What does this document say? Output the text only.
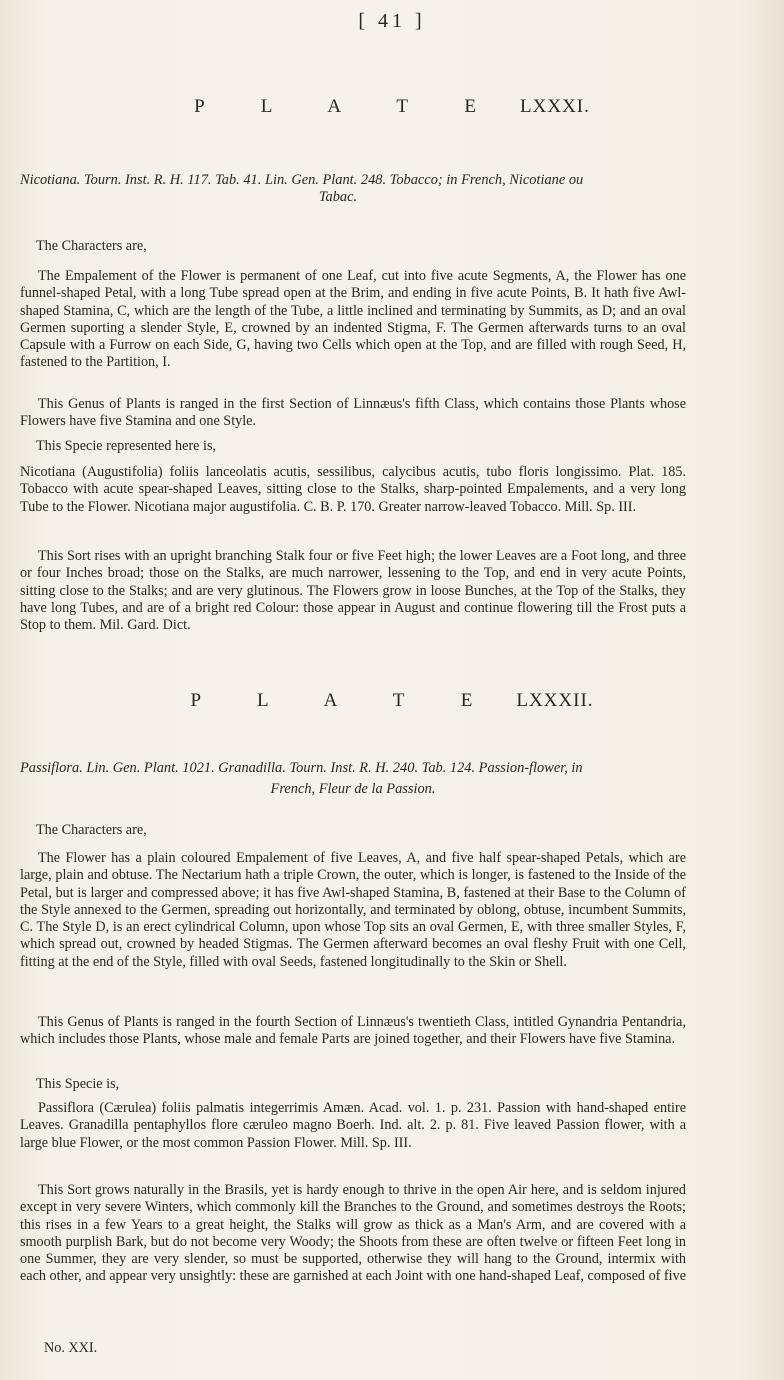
[ 41 ]
P L A T E LXXXI.

Nicotiana. Tourn. Inst. R. H. 117. Tab. 41. Lin. Gen. Plant. 248. Tobacco; in French, Nicotiane ou

Tabac.

The Characters are,

The Empalement of the Flower is permanent of one Leaf, cut into five acute Segments, A, the Flower has one funnel-shaped Petal, with a long Tube spread open at the Brim, and ending in five acute Points, B. It hath five Awl-shaped Stamina, C, which are the length of the Tube, a little inclined and terminating by Summits, as D; and an oval Germen suporting a slender Style, E, crowned by an indented Stigma, F. The Germen afterwards turns to an oval Capsule with a Furrow on each Side, G, having two Cells which open at the Top, and are filled with rough Seed, H, fastened to the Partition, I.

This Genus of Plants is ranged in the first Section of Linnæus's fifth Class, which contains those Plants whose Flowers have five Stamina and one Style.

This Specie represented here is,

Nicotiana (Augustifolia) foliis lanceolatis acutis, sessilibus, calycibus acutis, tubo floris longissimo. Plat. 185. Tobacco with acute spear-shaped Leaves, sitting close to the Stalks, sharp-pointed Empalements, and a very long Tube to the Flower. Nicotiana major augustifolia. C. B. P. 170. Greater narrow-leaved Tobacco. Mill. Sp. III.

This Sort rises with an upright branching Stalk four or five Feet high; the lower Leaves are a Foot long, and three or four Inches broad; those on the Stalks, are much narrower, lessening to the Top, and end in very acute Points, sitting close to the Stalks; and are very glutinous. The Flowers grow in loose Bunches, at the Top of the Stalks, they have long Tubes, and are of a bright red Colour: those appear in August and continue flowering till the Frost puts a Stop to them. Mil. Gard. Dict.

P L A T E LXXXII.

Passiflora. Lin. Gen. Plant. 1021. Granadilla. Tourn. Inst. R. H. 240. Tab. 124. Passion-flower, in

French, Fleur de la Passion.

The Characters are,

The Flower has a plain coloured Empalement of five Leaves, A, and five half spear-shaped Petals, which are large, plain and obtuse. The Nectarium hath a triple Crown, the outer, which is longer, is fastened to the Inside of the Petal, but is larger and compressed above; it has five Awl-shaped Stamina, B, fastened at their Base to the Column of the Style annexed to the Germen, spreading out horizontally, and terminated by oblong, obtuse, incumbent Summits, C. The Style D, is an erect cylindrical Column, upon whose Top sits an oval Germen, E, with three smaller Styles, F, which spread out, crowned by headed Stigmas. The Germen afterward becomes an oval fleshy Fruit with one Cell, fitting at the end of the Style, filled with oval Seeds, fastened longitudinally to the Skin or Shell.

This Genus of Plants is ranged in the fourth Section of Linnæus's twentieth Class, intitled Gynandria Pentandria, which includes those Plants, whose male and female Parts are joined together, and their Flowers have five Stamina.

This Specie is,

Passiflora (Cærulea) foliis palmatis integerrimis Amæn. Acad. vol. 1. p. 231. Passion with hand-shaped entire Leaves. Granadilla pentaphyllos flore cæruleo magno Boerh. Ind. alt. 2. p. 81. Five leaved Passion flower, with a large blue Flower, or the most common Passion Flower. Mill. Sp. III.

This Sort grows naturally in the Brasils, yet is hardy enough to thrive in the open Air here, and is seldom injured except in very severe Winters, which commonly kill the Branches to the Ground, and sometimes destroys the Roots; this rises in a few Years to a great height, the Stalks will grow as thick as a Man's Arm, and are covered with a smooth purplish Bark, but do not become very Woody; the Shoots from these are often twelve or fifteen Feet long in one Summer, they are very slender, so must be supported, otherwise they will hang to the Ground, intermix with each other, and appear very unsightly: these are garnished at each Joint with one hand-shaped Leaf, composed of five

No. XXI.
